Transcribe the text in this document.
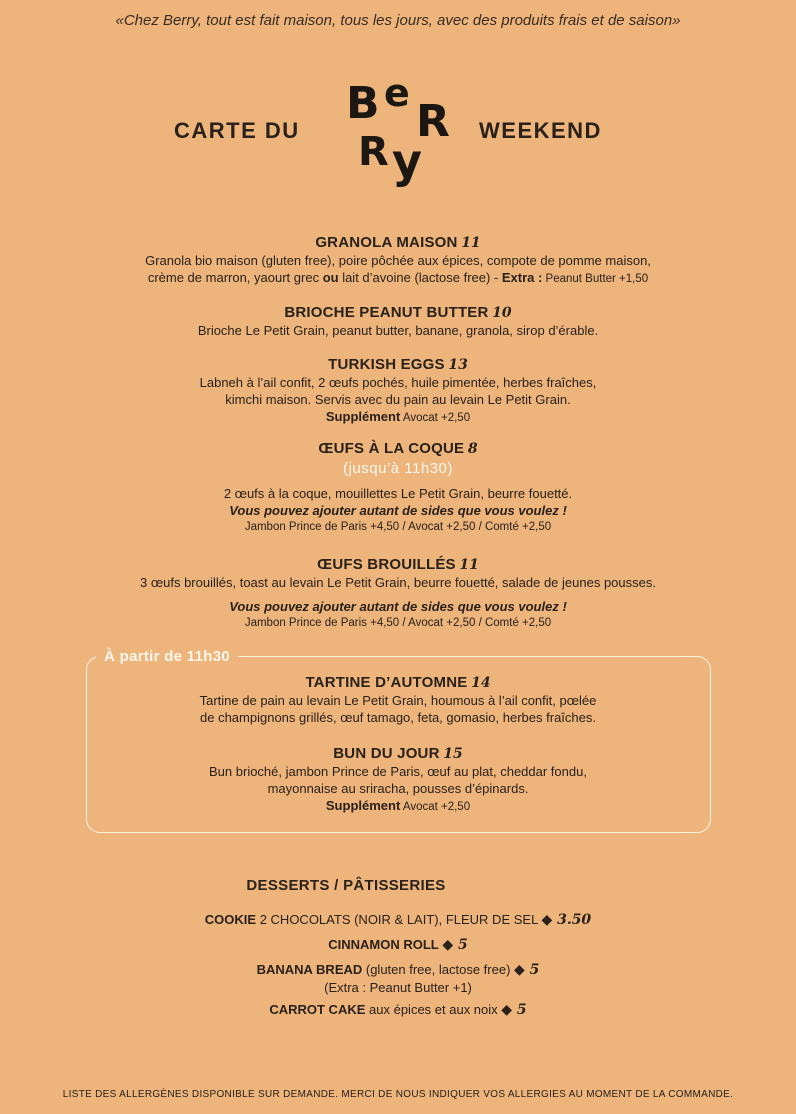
«Chez Berry, tout est fait maison, tous les jours, avec des produits frais et de saison»
CARTE DU
B e
R
R y
WEEKEND
GRANOLA MAISON 11
Granola bio maison (gluten free), poire pôchée aux épices, compote de pomme maison,
crème de marron, yaourt grec ou lait d’avoine (lactose free) - Extra : Peanut Butter +1,50
BRIOCHE PEANUT BUTTER 10
Brioche Le Petit Grain, peanut butter, banane, granola, sirop d’érable.
TURKISH EGGS 13
Labneh à l’ail confit, 2 œufs pochés, huile pimentée, herbes fraîches,
kimchi maison. Servis avec du pain au levain Le Petit Grain.
Supplément Avocat +2,50
ŒUFS À LA COQUE 8
(jusqu’à 11h30)
2 œufs à la coque, mouillettes Le Petit Grain, beurre fouetté.
Vous pouvez ajouter autant de sides que vous voulez !
Jambon Prince de Paris +4,50 / Avocat +2,50 / Comté +2,50
ŒUFS BROUILLÉS 11
3 œufs brouillés, toast au levain Le Petit Grain, beurre fouetté, salade de jeunes pousses.
Vous pouvez ajouter autant de sides que vous voulez !
Jambon Prince de Paris +4,50 / Avocat +2,50 / Comté +2,50
À partir de 11h30
TARTINE D’AUTOMNE 14
Tartine de pain au levain Le Petit Grain, houmous à l’ail confit, pœlée
de champignons grillés, œuf tamago, feta, gomasio, herbes fraîches.
BUN DU JOUR 15
Bun brioché, jambon Prince de Paris, œuf au plat, cheddar fondu,
mayonnaise au sriracha, pousses d’épinards.
Supplément Avocat +2,50
DESSERTS / PÂTISSERIES
COOKIE 2 CHOCOLATS (NOIR & LAIT), FLEUR DE SEL ◆ 3.50
CINNAMON ROLL ◆ 5
BANANA BREAD (gluten free, lactose free) ◆ 5
(Extra : Peanut Butter +1)
CARROT CAKE aux épices et aux noix ◆ 5
LISTE DES ALLERGÈNES DISPONIBLE SUR DEMANDE. MERCI DE NOUS INDIQUER VOS ALLERGIES AU MOMENT DE LA COMMANDE.
